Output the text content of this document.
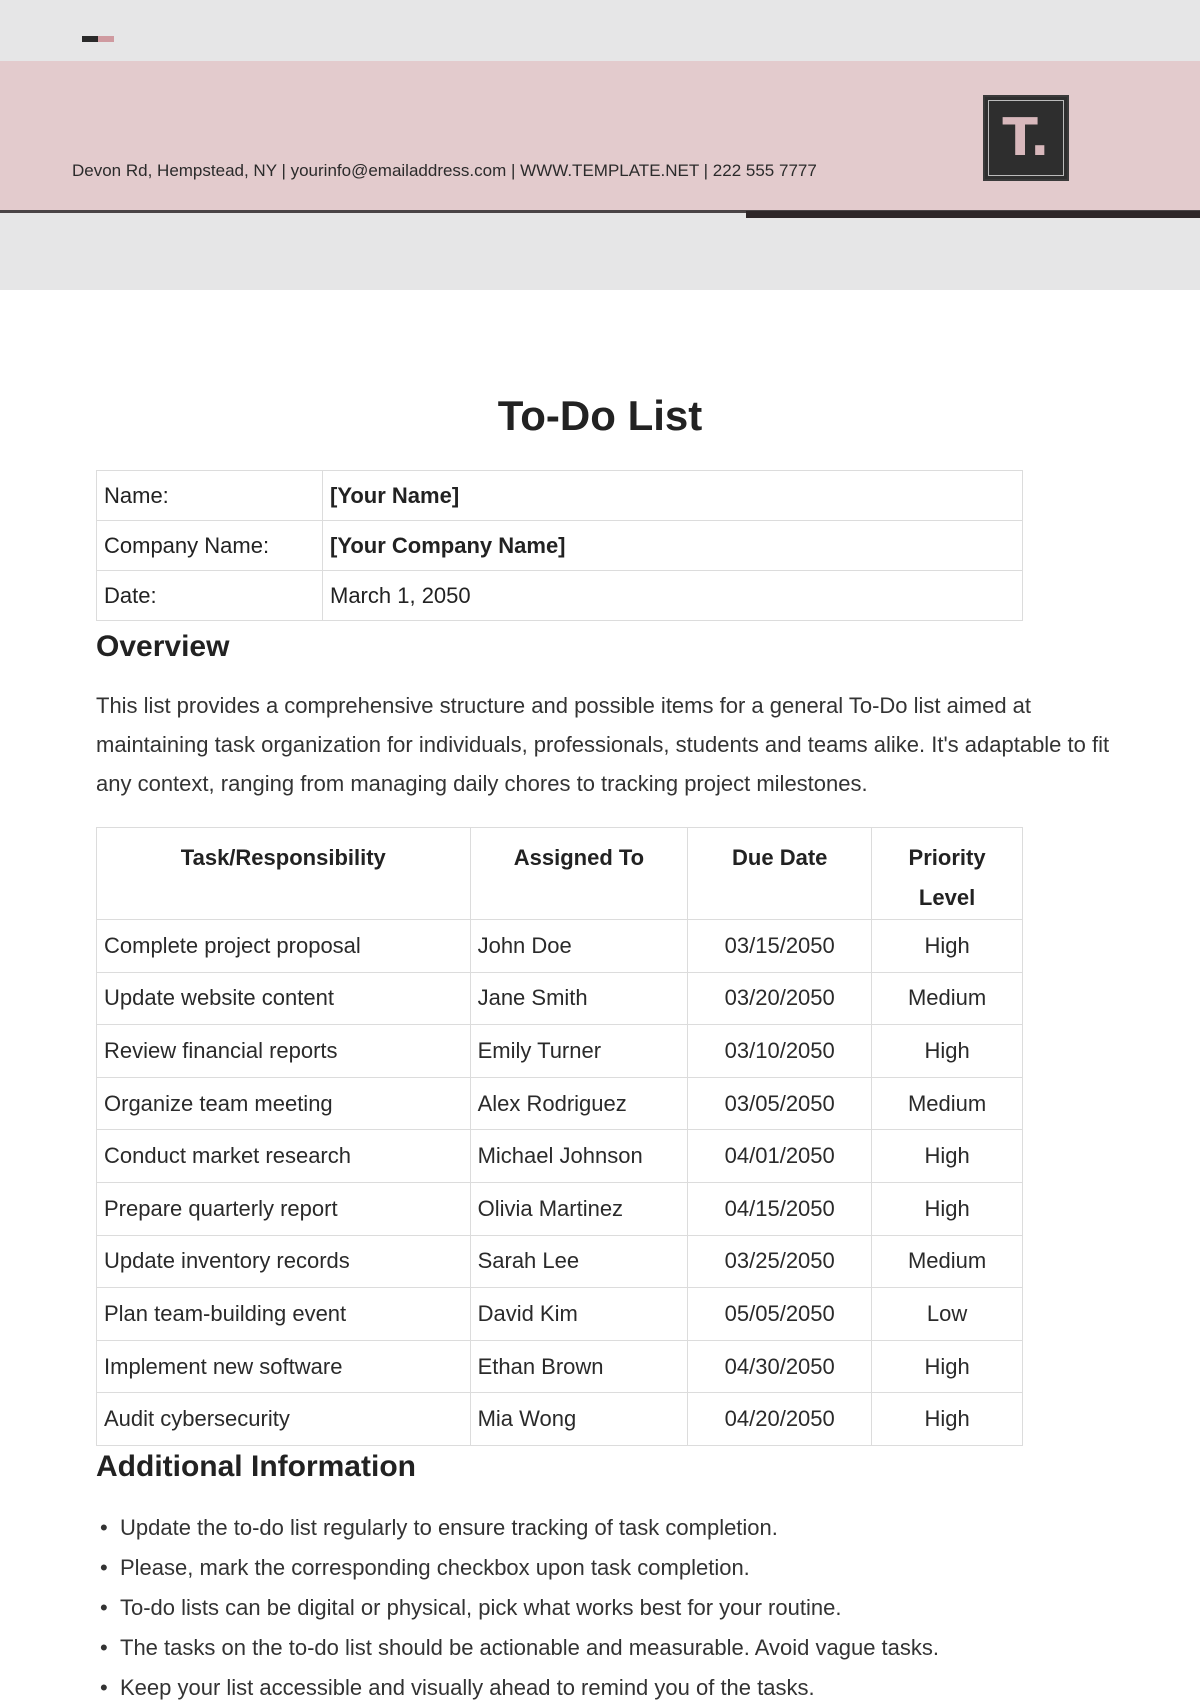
Devon Rd, Hempstead, NY | yourinfo@emailaddress.com | WWW.TEMPLATE.NET | 222 555 7777
T.
To-Do List
Name:	[Your Name]
Company Name:	[Your Company Name]
Date:	March 1, 2050
Overview

This list provides a comprehensive structure and possible items for a general To-Do list aimed at maintaining task organization for individuals, professionals, students and teams alike. It's adaptable to fit any context, ranging from managing daily chores to tracking project milestones.

Task/Responsibility	Assigned To	Due Date	Priority Level
Complete project proposal	John Doe	03/15/2050	High
Update website content	Jane Smith	03/20/2050	Medium
Review financial reports	Emily Turner	03/10/2050	High
Organize team meeting	Alex Rodriguez	03/05/2050	Medium
Conduct market research	Michael Johnson	04/01/2050	High
Prepare quarterly report	Olivia Martinez	04/15/2050	High
Update inventory records	Sarah Lee	03/25/2050	Medium
Plan team-building event	David Kim	05/05/2050	Low
Implement new software	Ethan Brown	04/30/2050	High
Audit cybersecurity	Mia Wong	04/20/2050	High
Additional Information
• Update the to-do list regularly to ensure tracking of task completion.
• Please, mark the corresponding checkbox upon task completion.
• To-do lists can be digital or physical, pick what works best for your routine.
• The tasks on the to-do list should be actionable and measurable. Avoid vague tasks.
• Keep your list accessible and visually ahead to remind you of the tasks.
